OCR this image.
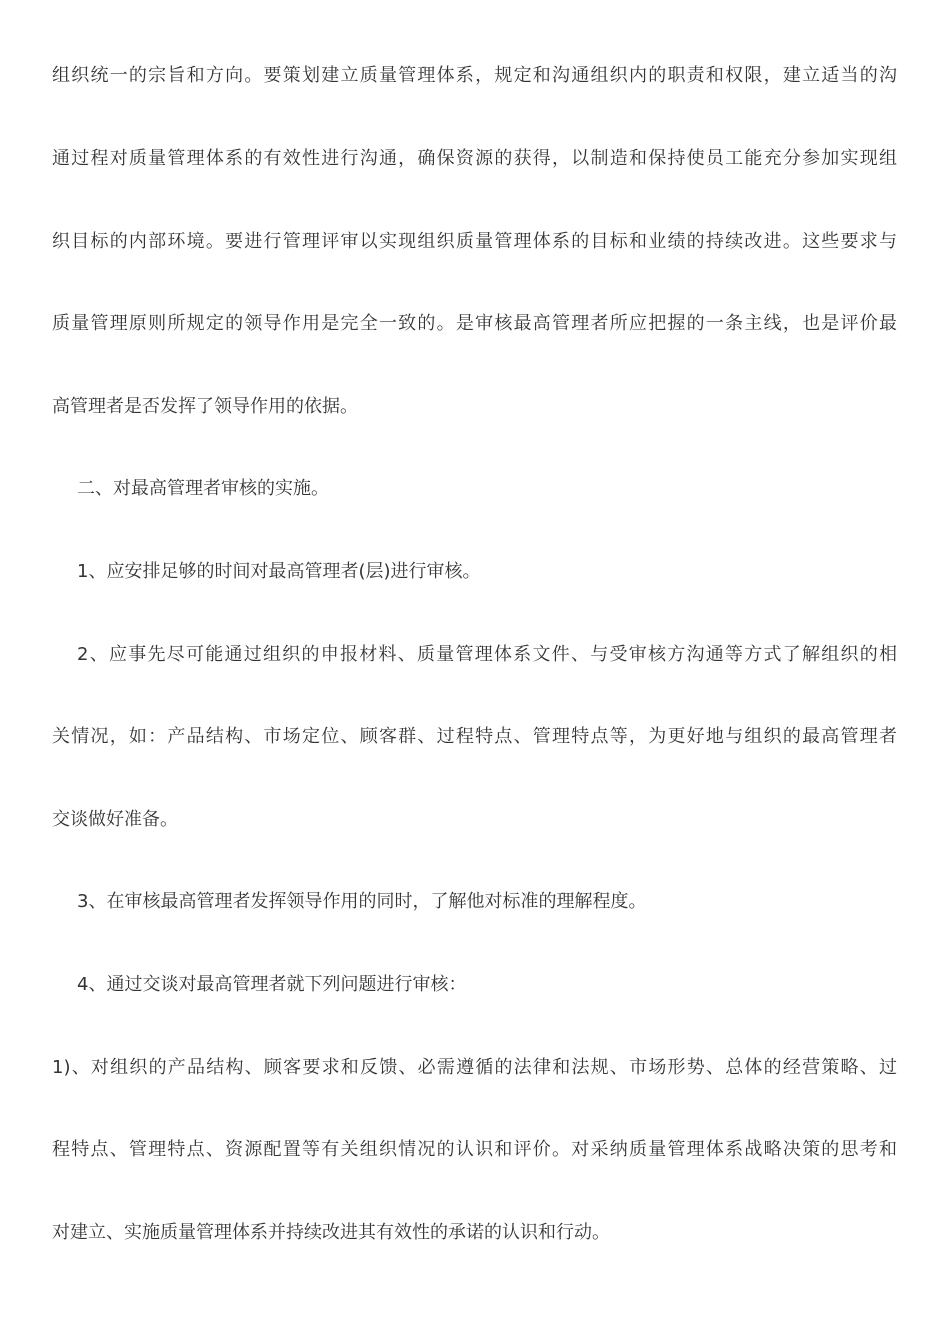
组织统一的宗旨和方向。要策划建立质量管理体系，规定和沟通组织内的职责和权限，建立适当的沟
通过程对质量管理体系的有效性进行沟通，确保资源的获得，以制造和保持使员工能充分参加实现组
织目标的内部环境。要进行管理评审以实现组织质量管理体系的目标和业绩的持续改进。这些要求与
质量管理原则所规定的领导作用是完全一致的。是审核最高管理者所应把握的一条主线，也是评价最
高管理者是否发挥了领导作用的依据。
二、对最高管理者审核的实施。
1、应安排足够的时间对最高管理者(层)进行审核。
2、应事先尽可能通过组织的申报材料、质量管理体系文件、与受审核方沟通等方式了解组织的相
关情况，如：产品结构、市场定位、顾客群、过程特点、管理特点等，为更好地与组织的最高管理者
交谈做好准备。
3、在审核最高管理者发挥领导作用的同时，了解他对标准的理解程度。
4、通过交谈对最高管理者就下列问题进行审核：
1)、对组织的产品结构、顾客要求和反馈、必需遵循的法律和法规、市场形势、总体的经营策略、过
程特点、管理特点、资源配置等有关组织情况的认识和评价。对采纳质量管理体系战略决策的思考和
对建立、实施质量管理体系并持续改进其有效性的承诺的认识和行动。
